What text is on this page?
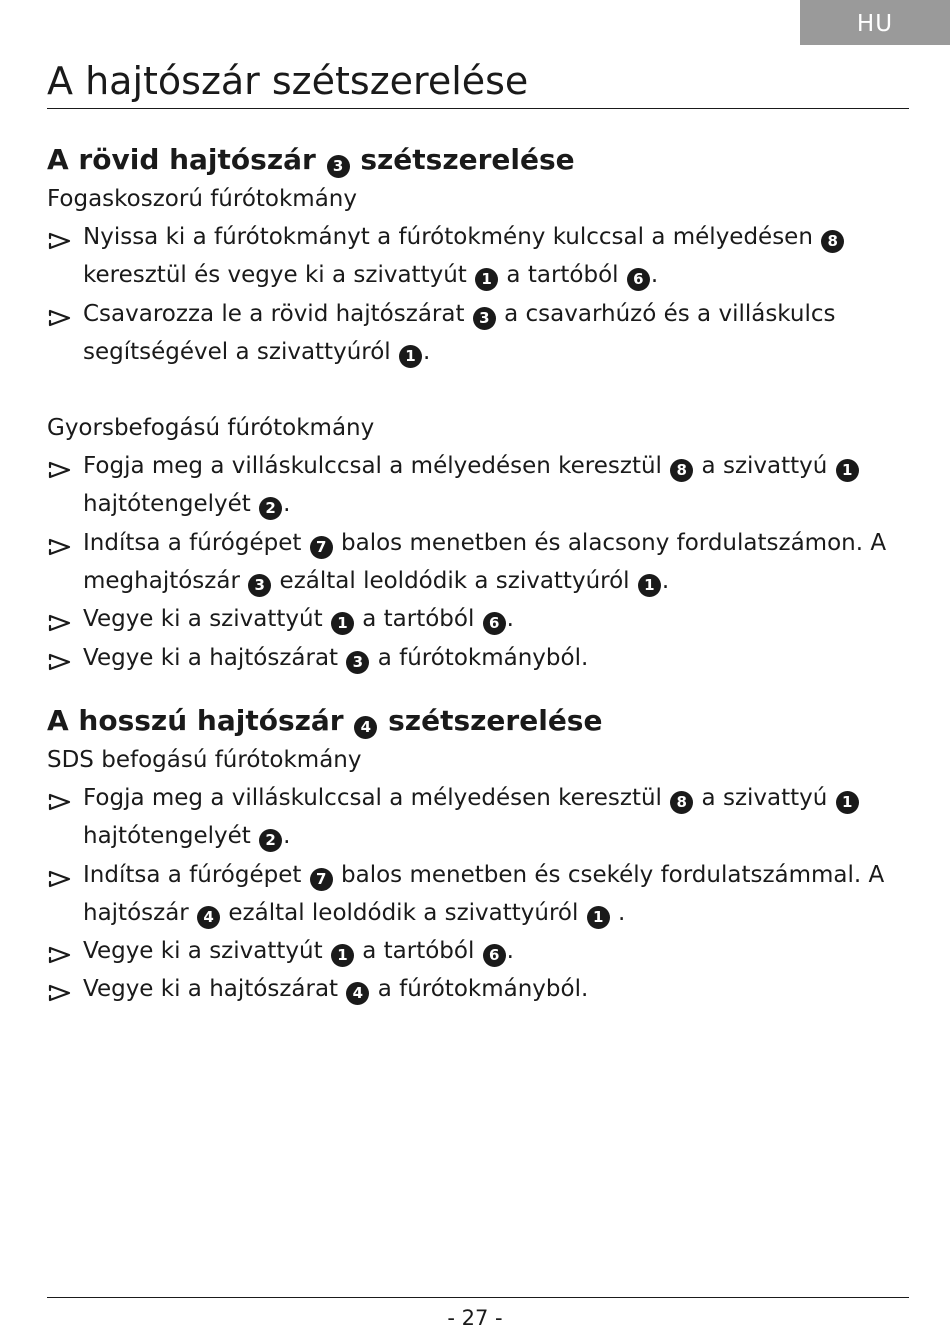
HU
A hajtószár szétszerelése
A rövid hajtószár 3 szétszerelése
Fogaskoszorú fúrótokmány
Nyissa ki a fúrótokmányt a fúrótokmény kulccsal a mélyedésen 8 keresztül és vegye ki a szivattyút 1 a tartóból 6 .
Csavarozza le a rövid hajtószárat 3 a csavarhúzó és a villáskulcs segítségével a szivattyúról 1 .
Gyorsbefogású fúrótokmány
Fogja meg a villáskulccsal a mélyedésen keresztül 8 a szivattyú 1 hajtótengelyét 2 .
Indítsa a fúrógépet 7 balos menetben és alacsony fordulatszámon. A meghajtószár 3 ezáltal leoldódik a szivattyúról 1 .
Vegye ki a szivattyút 1 a tartóból 6 .
Vegye ki a hajtószárat 3 a fúrótokmányból.
A hosszú hajtószár 4 szétszerelése
SDS befogású fúrótokmány
Fogja meg a villáskulccsal a mélyedésen keresztül 8 a szivattyú 1 hajtótengelyét 2 .
Indítsa a fúrógépet 7 balos menetben és csekély fordulatszámmal. A hajtószár 4 ezáltal leoldódik a szivattyúról 1 .
Vegye ki a szivattyút 1 a tartóból 6 .
Vegye ki a hajtószárat 4 a fúrótokmányból.
- 27 -
